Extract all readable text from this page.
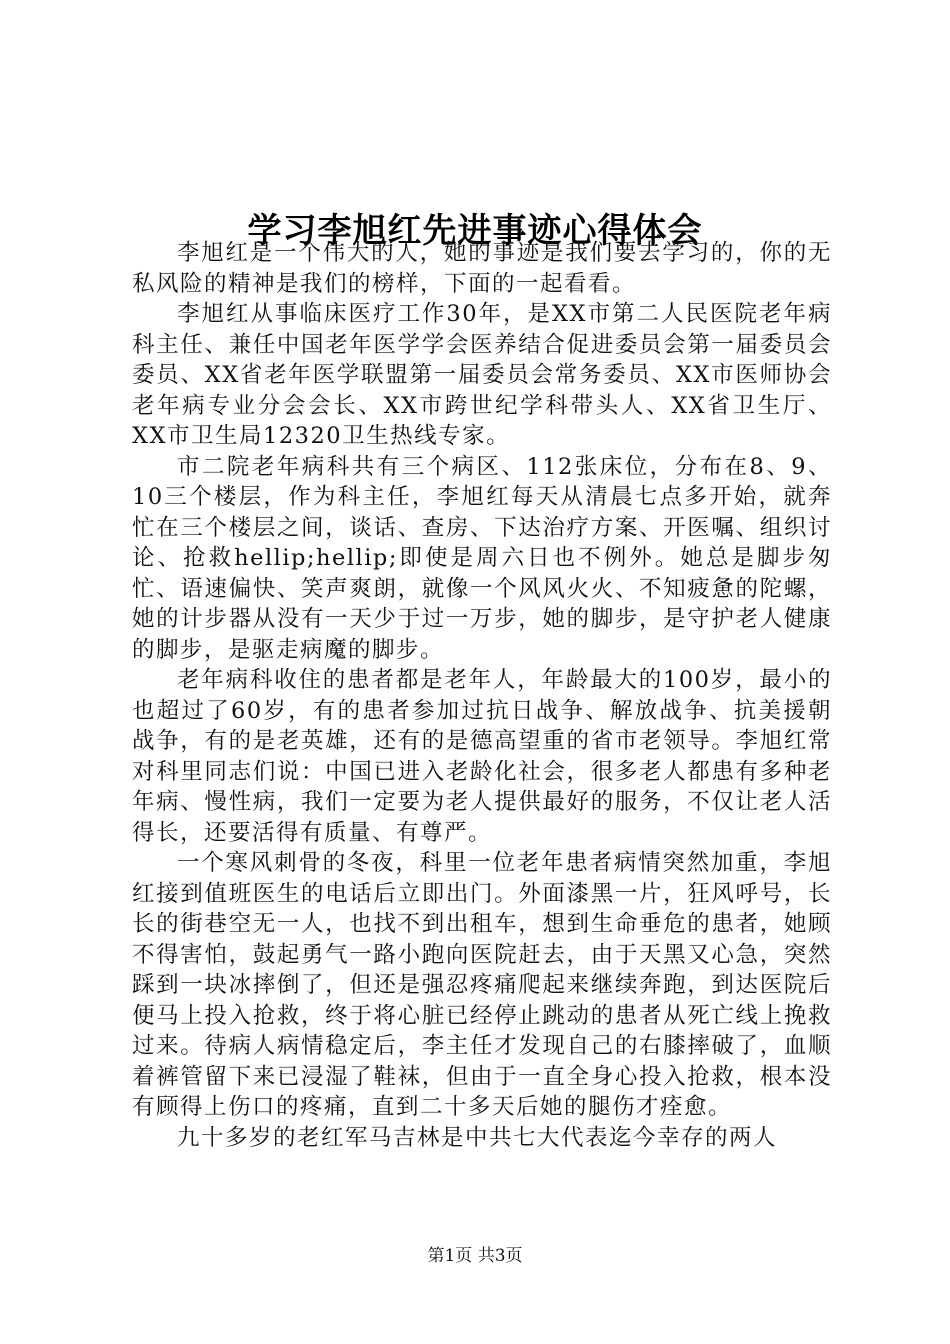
学习李旭红先进事迹心得体会

李旭红是一个伟大的人，她的事迹是我们要去学习的，你的无私风险的精神是我们的榜样，下面的一起看看。

李旭红从事临床医疗工作30年，是XX市第二人民医院老年病科主任、兼任中国老年医学学会医养结合促进委员会第一届委员会委员、XX省老年医学联盟第一届委员会常务委员、XX市医师协会老年病专业分会会长、XX市跨世纪学科带头人、XX省卫生厅、XX市卫生局12320卫生热线专家。

市二院老年病科共有三个病区、112张床位，分布在8、9、10三个楼层，作为科主任，李旭红每天从清晨七点多开始，就奔忙在三个楼层之间，谈话、查房、下达治疗方案、开医嘱、组织讨论、抢救hellip;hellip;即使是周六日也不例外。她总是脚步匆忙、语速偏快、笑声爽朗，就像一个风风火火、不知疲惫的陀螺，她的计步器从没有一天少于过一万步，她的脚步，是守护老人健康的脚步，是驱走病魔的脚步。

老年病科收住的患者都是老年人，年龄最大的100岁，最小的也超过了60岁，有的患者参加过抗日战争、解放战争、抗美援朝战争，有的是老英雄，还有的是德高望重的省市老领导。李旭红常对科里同志们说：中国已进入老龄化社会，很多老人都患有多种老年病、慢性病，我们一定要为老人提供最好的服务，不仅让老人活得长，还要活得有质量、有尊严。

一个寒风刺骨的冬夜，科里一位老年患者病情突然加重，李旭红接到值班医生的电话后立即出门。外面漆黑一片，狂风呼号，长长的街巷空无一人，也找不到出租车，想到生命垂危的患者，她顾不得害怕，鼓起勇气一路小跑向医院赶去，由于天黑又心急，突然踩到一块冰摔倒了，但还是强忍疼痛爬起来继续奔跑，到达医院后便马上投入抢救，终于将心脏已经停止跳动的患者从死亡线上挽救过来。待病人病情稳定后，李主任才发现自己的右膝摔破了，血顺着裤管留下来已浸湿了鞋袜，但由于一直全身心投入抢救，根本没有顾得上伤口的疼痛，直到二十多天后她的腿伤才痊愈。

九十多岁的老红军马吉林是中共七大代表迄今幸存的两人

第1页 共3页
